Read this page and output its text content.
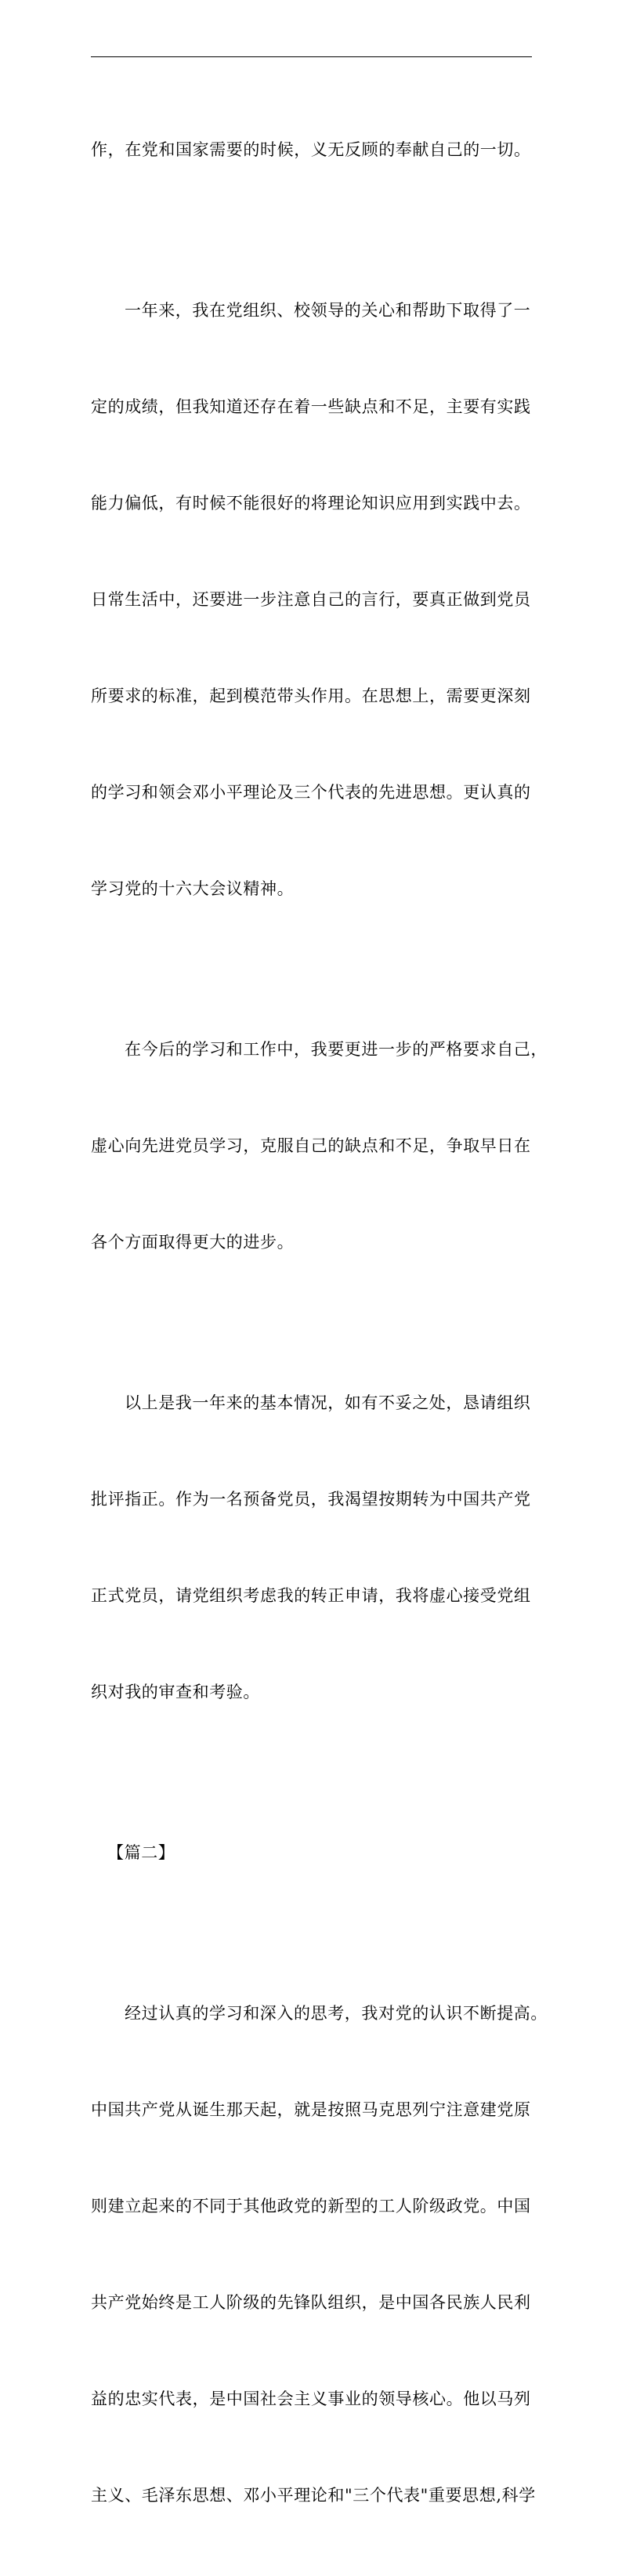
作，在党和国家需要的时候，义无反顾的奉献自己的一切。

一年来，我在党组织、校领导的关心和帮助下取得了一

定的成绩，但我知道还存在着一些缺点和不足，主要有实践

能力偏低，有时候不能很好的将理论知识应用到实践中去。

日常生活中，还要进一步注意自己的言行，要真正做到党员

所要求的标准，起到模范带头作用。在思想上，需要更深刻

的学习和领会邓小平理论及三个代表的先进思想。更认真的

学习党的十六大会议精神。

在今后的学习和工作中，我要更进一步的严格要求自己，

虚心向先进党员学习，克服自己的缺点和不足，争取早日在

各个方面取得更大的进步。

以上是我一年来的基本情况，如有不妥之处，恳请组织

批评指正。作为一名预备党员，我渴望按期转为中国共产党

正式党员，请党组织考虑我的转正申请，我将虚心接受党组

织对我的审查和考验。

【篇二】

经过认真的学习和深入的思考，我对党的认识不断提高。

中国共产党从诞生那天起，就是按照马克思列宁注意建党原

则建立起来的不同于其他政党的新型的工人阶级政党。中国

共产党始终是工人阶级的先锋队组织，是中国各民族人民利

益的忠实代表，是中国社会主义事业的领导核心。他以马列

主义、毛泽东思想、邓小平理论和"三个代表"重要思想,科学
